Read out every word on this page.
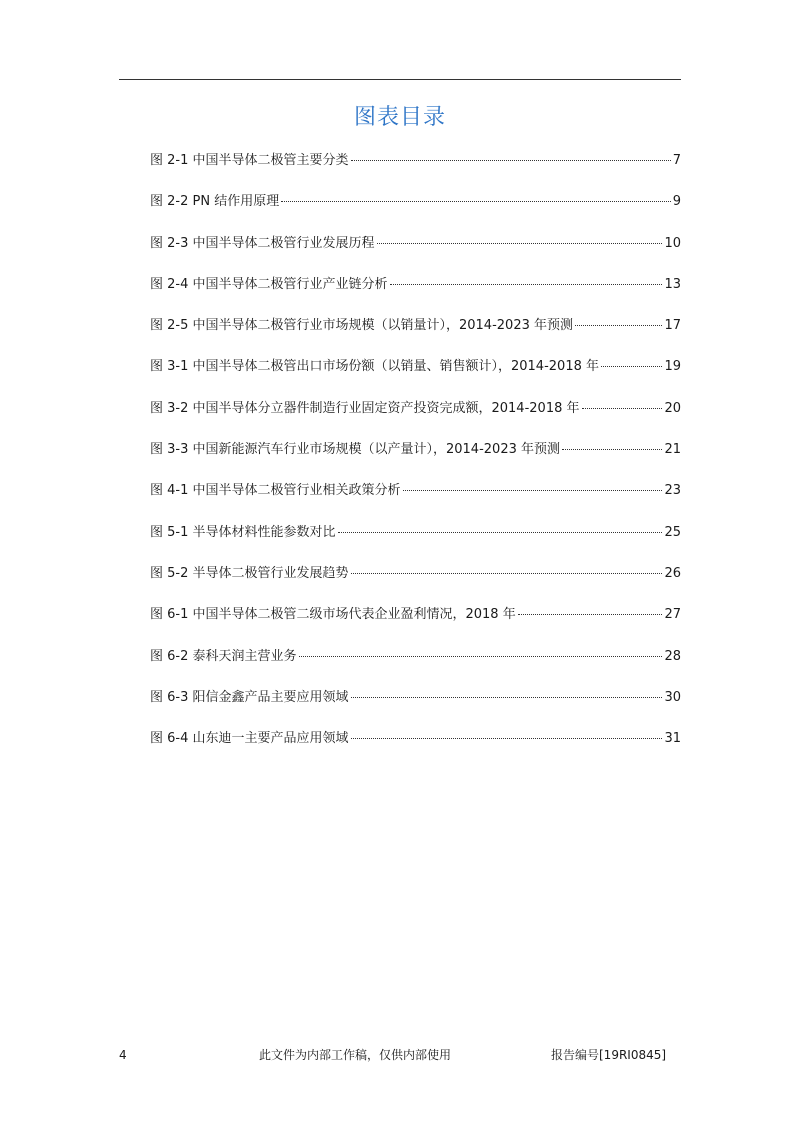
图表目录
图 2-1 中国半导体二极管主要分类	7
图 2-2 PN 结作用原理	9
图 2-3 中国半导体二极管行业发展历程	10
图 2-4 中国半导体二极管行业产业链分析	13
图 2-5 中国半导体二极管行业市场规模（以销量计），2014-2023 年预测	17
图 3-1 中国半导体二极管出口市场份额（以销量、销售额计），2014-2018 年	19
图 3-2 中国半导体分立器件制造行业固定资产投资完成额，2014-2018 年	20
图 3-3 中国新能源汽车行业市场规模（以产量计），2014-2023 年预测	21
图 4-1 中国半导体二极管行业相关政策分析	23
图 5-1 半导体材料性能参数对比	25
图 5-2 半导体二极管行业发展趋势	26
图 6-1 中国半导体二极管二级市场代表企业盈利情况，2018 年	27
图 6-2 泰科天润主营业务	28
图 6-3 阳信金鑫产品主要应用领域	30
图 6-4 山东迪一主要产品应用领域	31
4	此文件为内部工作稿，仅供内部使用	报告编号[19RI0845]
